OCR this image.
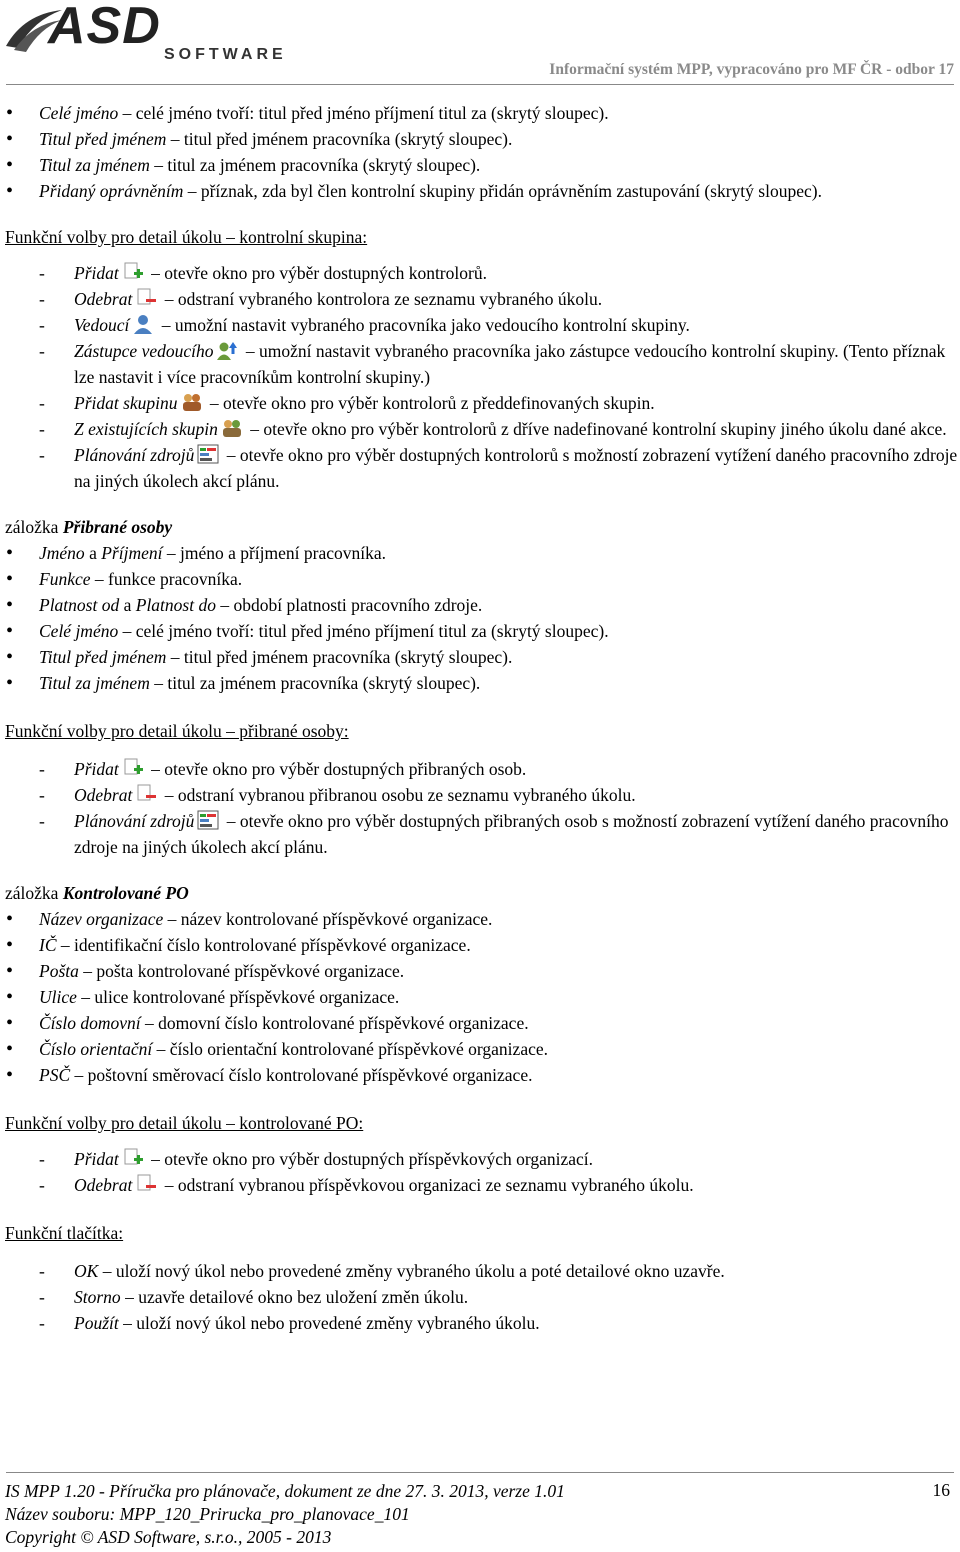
ASD SOFTWARE
Informační systém MPP, vypracováno pro MF ČR - odbor 17
• Celé jméno – celé jméno tvoří: titul před jméno příjmení titul za (skrytý sloupec).
• Titul před jménem – titul před jménem pracovníka (skrytý sloupec).
• Titul za jménem – titul za jménem pracovníka (skrytý sloupec).
• Přidaný oprávněním – příznak, zda byl člen kontrolní skupiny přidán oprávněním zastupování (skrytý sloupec).
Funkční volby pro detail úkolu – kontrolní skupina:
- Přidat – otevře okno pro výběr dostupných kontrolorů.
- Odebrat – odstraní vybraného kontrolora ze seznamu vybraného úkolu.
- Vedoucí – umožní nastavit vybraného pracovníka jako vedoucího kontrolní skupiny.
- Zástupce vedoucího – umožní nastavit vybraného pracovníka jako zástupce vedoucího kontrolní skupiny. (Tento příznak lze nastavit i více pracovníkům kontrolní skupiny.)
- Přidat skupinu – otevře okno pro výběr kontrolorů z předdefinovaných skupin.
- Z existujících skupin – otevře okno pro výběr kontrolorů z dříve nadefinované kontrolní skupiny jiného úkolu dané akce.
- Plánování zdrojů – otevře okno pro výběr dostupných kontrolorů s možností zobrazení vytížení daného pracovního zdroje na jiných úkolech akcí plánu.
záložka Přibrané osoby
• Jméno a Příjmení – jméno a příjmení pracovníka.
• Funkce – funkce pracovníka.
• Platnost od a Platnost do – období platnosti pracovního zdroje.
• Celé jméno – celé jméno tvoří: titul před jméno příjmení titul za (skrytý sloupec).
• Titul před jménem – titul před jménem pracovníka (skrytý sloupec).
• Titul za jménem – titul za jménem pracovníka (skrytý sloupec).
Funkční volby pro detail úkolu – přibrané osoby:
- Přidat – otevře okno pro výběr dostupných přibraných osob.
- Odebrat – odstraní vybranou přibranou osobu ze seznamu vybraného úkolu.
- Plánování zdrojů – otevře okno pro výběr dostupných přibraných osob s možností zobrazení vytížení daného pracovního zdroje na jiných úkolech akcí plánu.
záložka Kontrolované PO
• Název organizace – název kontrolované příspěvkové organizace.
• IČ – identifikační číslo kontrolované příspěvkové organizace.
• Pošta – pošta kontrolované příspěvkové organizace.
• Ulice – ulice kontrolované příspěvkové organizace.
• Číslo domovní – domovní číslo kontrolované příspěvkové organizace.
• Číslo orientační – číslo orientační kontrolované příspěvkové organizace.
• PSČ – poštovní směrovací číslo kontrolované příspěvkové organizace.
Funkční volby pro detail úkolu – kontrolované PO:
- Přidat – otevře okno pro výběr dostupných příspěvkových organizací.
- Odebrat – odstraní vybranou příspěvkovou organizaci ze seznamu vybraného úkolu.
Funkční tlačítka:
- OK – uloží nový úkol nebo provedené změny vybraného úkolu a poté detailové okno uzavře.
- Storno – uzavře detailové okno bez uložení změn úkolu.
- Použít – uloží nový úkol nebo provedené změny vybraného úkolu.
IS MPP 1.20 - Příručka pro plánovače, dokument ze dne 27. 3. 2013, verze 1.01
Název souboru: MPP_120_Prirucka_pro_planovace_101
Copyright © ASD Software, s.r.o., 2005 - 2013
16
